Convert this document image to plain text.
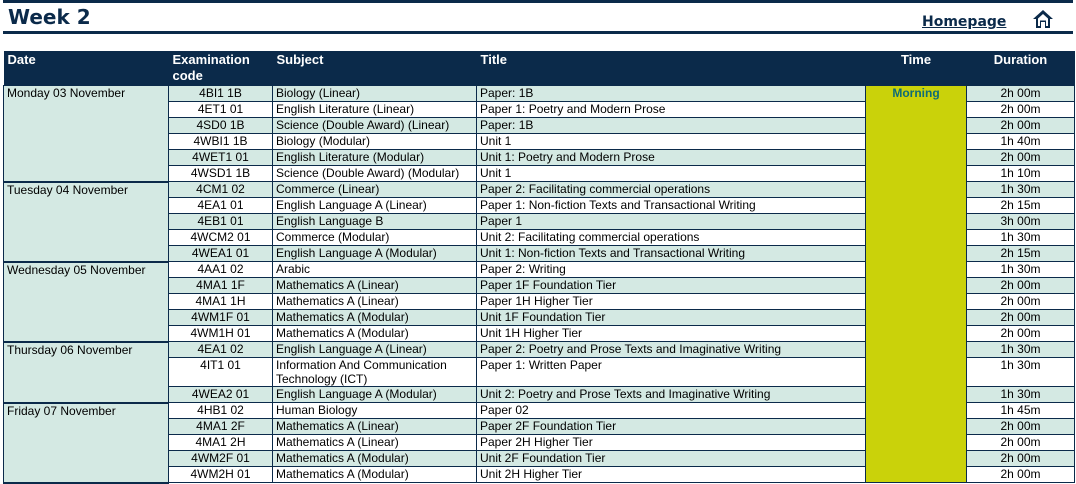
Week 2	Homepage
Date	Examination code	Subject	Title	Time	Duration
Monday 03 November	4BI1 1B	Biology (Linear)	Paper: 1B	Morning	2h 00m
	4ET1 01	English Literature (Linear)	Paper 1: Poetry and Modern Prose		2h 00m
	4SD0 1B	Science (Double Award) (Linear)	Paper: 1B		2h 00m
	4WBI1 1B	Biology (Modular)	Unit 1		1h 40m
	4WET1 01	English Literature (Modular)	Unit 1: Poetry and Modern Prose		2h 00m
	4WSD1 1B	Science (Double Award) (Modular)	Unit 1		1h 10m
Tuesday 04 November	4CM1 02	Commerce (Linear)	Paper 2: Facilitating commercial operations		1h 30m
	4EA1 01	English Language A (Linear)	Paper 1: Non-fiction Texts and Transactional Writing		2h 15m
	4EB1 01	English Language B	Paper 1		3h 00m
	4WCM2 01	Commerce (Modular)	Unit 2: Facilitating commercial operations		1h 30m
	4WEA1 01	English Language A (Modular)	Unit 1: Non-fiction Texts and Transactional Writing		2h 15m
Wednesday 05 November	4AA1 02	Arabic	Paper 2: Writing		1h 30m
	4MA1 1F	Mathematics A (Linear)	Paper 1F Foundation Tier		2h 00m
	4MA1 1H	Mathematics A (Linear)	Paper 1H Higher Tier		2h 00m
	4WM1F 01	Mathematics A (Modular)	Unit 1F Foundation Tier		2h 00m
	4WM1H 01	Mathematics A (Modular)	Unit 1H Higher Tier		2h 00m
Thursday 06 November	4EA1 02	English Language A (Linear)	Paper 2: Poetry and Prose Texts and Imaginative Writing		1h 30m
	4IT1 01	Information And Communication Technology (ICT)	Paper 1: Written Paper		1h 30m
	4WEA2 01	English Language A (Modular)	Unit 2: Poetry and Prose Texts and Imaginative Writing		1h 30m
Friday 07 November	4HB1 02	Human Biology	Paper 02		1h 45m
	4MA1 2F	Mathematics A (Linear)	Paper 2F Foundation Tier		2h 00m
	4MA1 2H	Mathematics A (Linear)	Paper 2H Higher Tier		2h 00m
	4WM2F 01	Mathematics A (Modular)	Unit 2F Foundation Tier		2h 00m
	4WM2H 01	Mathematics A (Modular)	Unit 2H Higher Tier		2h 00m
